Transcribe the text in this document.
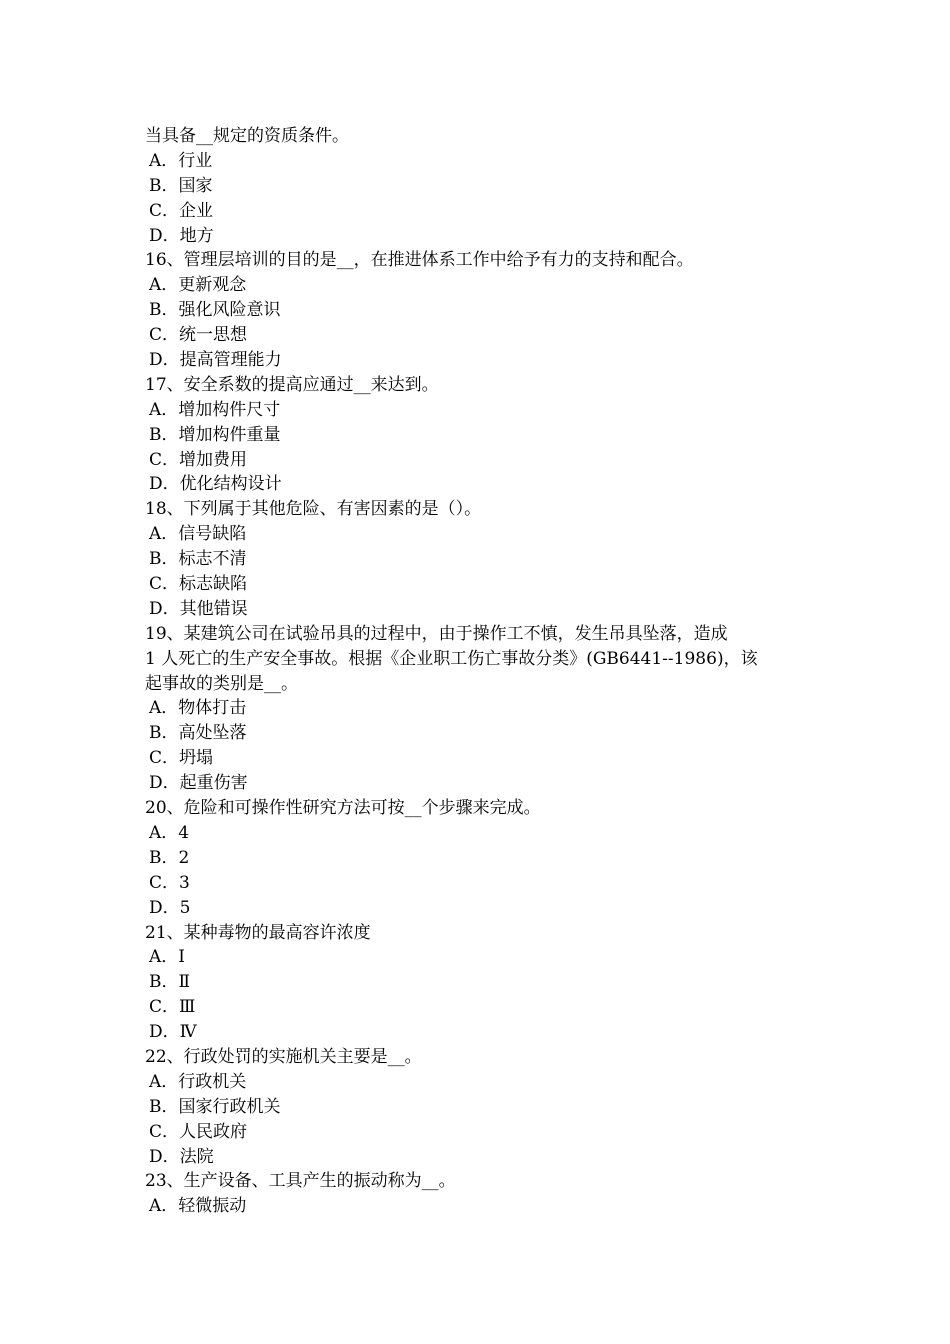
当具备__规定的资质条件。
A．行业
B．国家
C．企业
D．地方
16、管理层培训的目的是__，在推进体系工作中给予有力的支持和配合。
A．更新观念
B．强化风险意识
C．统一思想
D．提高管理能力
17、安全系数的提高应通过__来达到。
A．增加构件尺寸
B．增加构件重量
C．增加费用
D．优化结构设计
18、下列属于其他危险、有害因素的是（）。
A．信号缺陷
B．标志不清
C．标志缺陷
D．其他错误
19、某建筑公司在试验吊具的过程中，由于操作工不慎，发生吊具坠落，造成
1 人死亡的生产安全事故。根据《企业职工伤亡事故分类》(GB6441--1986)，该
起事故的类别是__。
A．物体打击
B．高处坠落
C．坍塌
D．起重伤害
20、危险和可操作性研究方法可按__个步骤来完成。
A．4
B．2
C．3
D．5
21、某种毒物的最高容许浓度
A．Ⅰ
B．Ⅱ
C．Ⅲ
D．Ⅳ
22、行政处罚的实施机关主要是__。
A．行政机关
B．国家行政机关
C．人民政府
D．法院
23、生产设备、工具产生的振动称为__。
A．轻微振动
